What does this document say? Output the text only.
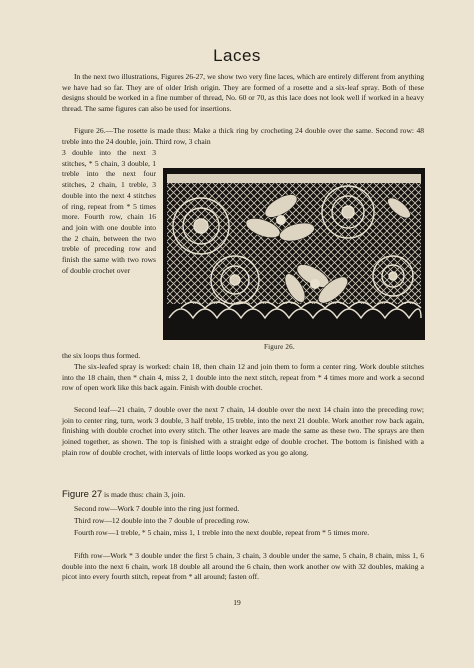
Laces

In the next two illustrations, Figures 26-27, we show two very fine laces, which are entirely different from anything we have had so far. They are of older Irish origin. They are formed of a rosette and a six-leaf spray. Both of these designs should be worked in a fine number of thread, No. 60 or 70, as this lace does not look well if worked in a heavy thread. The same figures can also be used for insertions.

Figure 26.—The rosette is made thus: Make a thick ring by crocheting 24 double over the same. Second row: 48 treble into the 24 double, join. Third row, 3 chain

3 double into the next 3 stitches, * 5 chain, 3 double, 1 treble into the next four stitches, 2 chain, 1 treble, 3 double into the next 4 stitches of ring, repeat from * 5 times more. Fourth row, chain 16 and join with one double into the 2 chain, between the two treble of preceding row and finish the same with two rows of double crochet over

Figure 26.

the six loops thus formed.

The six-leafed spray is worked: chain 18, then chain 12 and join them to form a center ring. Work double stitches into the 18 chain, then * chain 4, miss 2, 1 double into the next stitch, repeat from * 4 times more and work a second row of open work like this back again. Finish with double crochet.

Second leaf—21 chain, 7 double over the next 7 chain, 14 double over the next 14 chain into the preceding row; join to center ring, turn, work 3 double, 3 half treble, 15 treble, into the next 21 double. Work another row back again, finishing with double crochet into every stitch. The other leaves are made the same as these two. The sprays are then joined together, as shown. The top is finished with a straight edge of double crochet. The bottom is finished with a plain row of double crochet, with intervals of little loops worked as you go along.

Figure 27 is made thus: chain 3, join.

Second row—Work 7 double into the ring just formed.

Third row—12 double into the 7 double of preceding row.

Fourth row—1 treble, * 5 chain, miss 1, 1 treble into the next double, repeat from * 5 times more.

Fifth row—Work * 3 double under the first 5 chain, 3 chain, 3 double under the same, 5 chain, 8 chain, miss 1, 6 double into the next 6 chain, work 18 double all around the 6 chain, then work another ow with 32 doubles, making a picot into every fourth stitch, repeat from * all around; fasten off.

19
